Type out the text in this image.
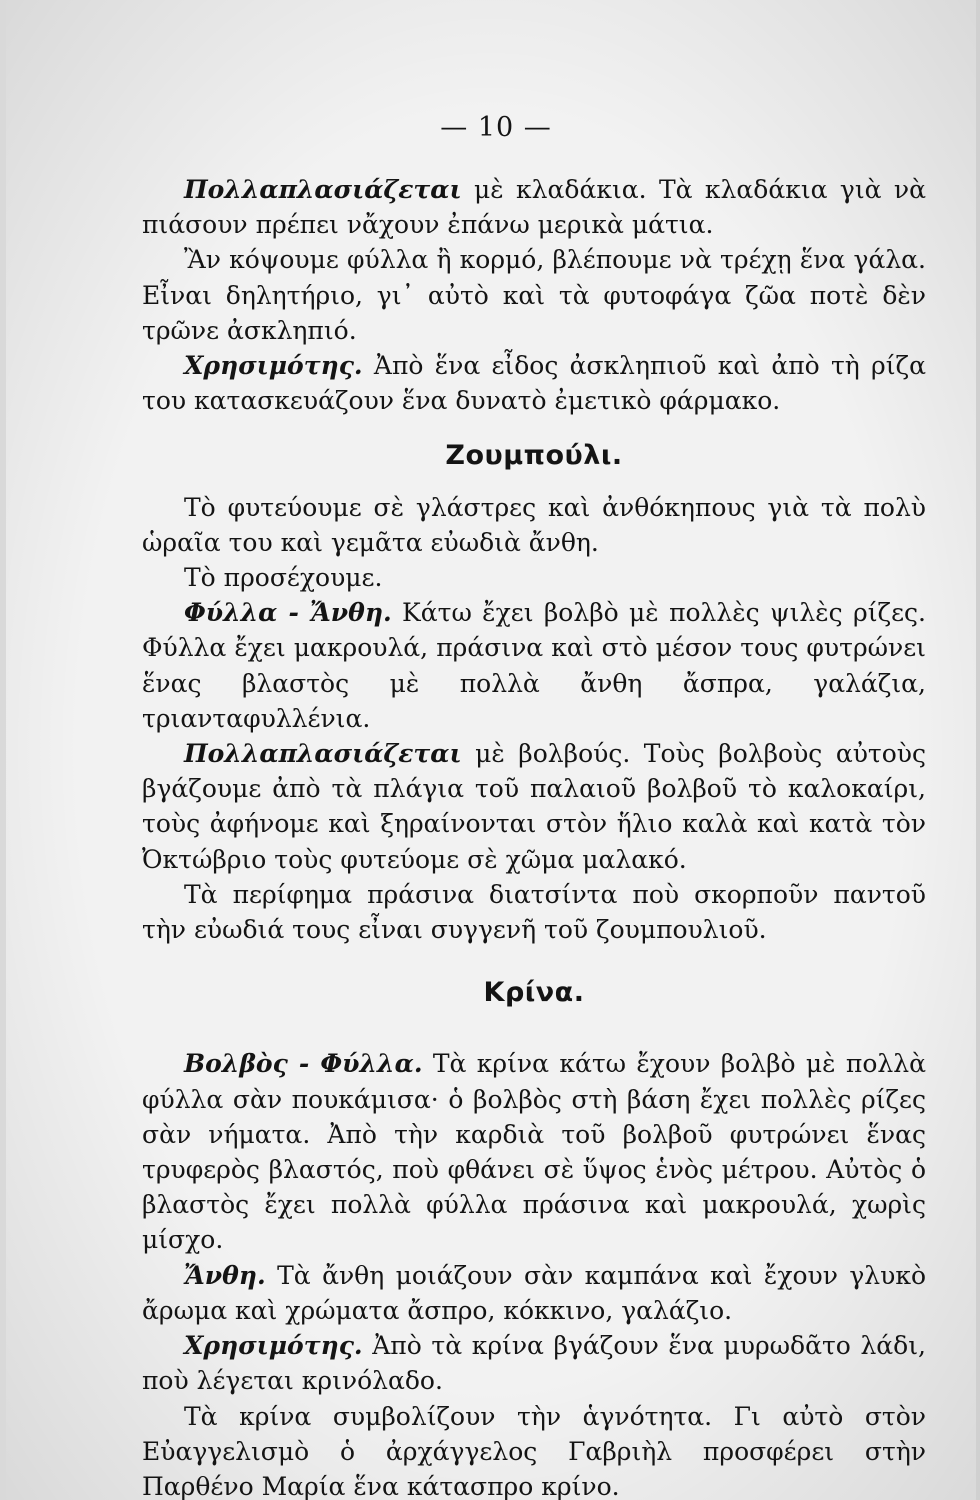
— 10 —

Πολλαπλασιάζεται μὲ κλαδάκια. Τὰ κλαδάκια γιὰ νὰ πιάσουν πρέπει νἄχουν ἐπάνω μερικὰ μάτια.

Ἂν κόψουμε φύλλα ἢ κορμό, βλέπουμε νὰ τρέχῃ ἕνα γάλα. Εἶναι δηλητήριο, γι᾽ αὐτὸ καὶ τὰ φυτοφάγα ζῶα ποτὲ δὲν τρῶνε ἀσκληπιό.

Χρησιμότης. Ἀπὸ ἕνα εἶδος ἀσκληπιοῦ καὶ ἀπὸ τὴ ρίζα του κατασκευάζουν ἕνα δυνατὸ ἐμετικὸ φάρμακο.

Ζουμπούλι.

Τὸ φυτεύουμε σὲ γλάστρες καὶ ἀνθόκηπους γιὰ τὰ πολὺ ὡραῖα του καὶ γεμᾶτα εὐωδιὰ ἄνθη.

Τὸ προσέχουμε.

Φύλλα - Ἄνθη. Κάτω ἔχει βολβὸ μὲ πολλὲς ψιλὲς ρίζες. Φύλλα ἔχει μακρουλά, πράσινα καὶ στὸ μέσον τους φυτρώνει ἕνας βλαστὸς μὲ πολλὰ ἄνθη ἄσπρα, γαλάζια, τριανταφυλλένια.

Πολλαπλασιάζεται μὲ βολβούς. Τοὺς βολβοὺς αὐτοὺς βγάζουμε ἀπὸ τὰ πλάγια τοῦ παλαιοῦ βολβοῦ τὸ καλοκαίρι, τοὺς ἀφήνομε καὶ ξηραίνονται στὸν ἥλιο καλὰ καὶ κατὰ τὸν Ὀκτώβριο τοὺς φυτεύομε σὲ χῶμα μαλακό.

Τὰ περίφημα πράσινα διατσίντα ποὺ σκορποῦν παντοῦ τὴν εὐωδιά τους εἶναι συγγενῆ τοῦ ζουμπουλιοῦ.

Κρίνα.

Βολβὸς - Φύλλα. Τὰ κρίνα κάτω ἔχουν βολβὸ μὲ πολλὰ φύλλα σὰν πουκάμισα· ὁ βολβὸς στὴ βάση ἔχει πολλὲς ρίζες σὰν νήματα. Ἀπὸ τὴν καρδιὰ τοῦ βολβοῦ φυτρώνει ἕνας τρυφερὸς βλαστός, ποὺ φθάνει σὲ ὕψος ἑνὸς μέτρου. Αὐτὸς ὁ βλαστὸς ἔχει πολλὰ φύλλα πράσινα καὶ μακρουλά, χωρὶς μίσχο.

Ἄνθη. Τὰ ἄνθη μοιάζουν σὰν καμπάνα καὶ ἔχουν γλυκὸ ἄρωμα καὶ χρώματα ἄσπρο, κόκκινο, γαλάζιο.

Χρησιμότης. Ἀπὸ τὰ κρίνα βγάζουν ἕνα μυρωδᾶτο λάδι, ποὺ λέγεται κρινόλαδο.

Τὰ κρίνα συμβολίζουν τὴν ἁγνότητα. Γι αὐτὸ στὸν Εὐαγγελισμὸ ὁ ἀρχάγγελος Γαβριὴλ προσφέρει στὴν Παρθένο Μαρία ἕνα κάτασπρο κρίνο.
